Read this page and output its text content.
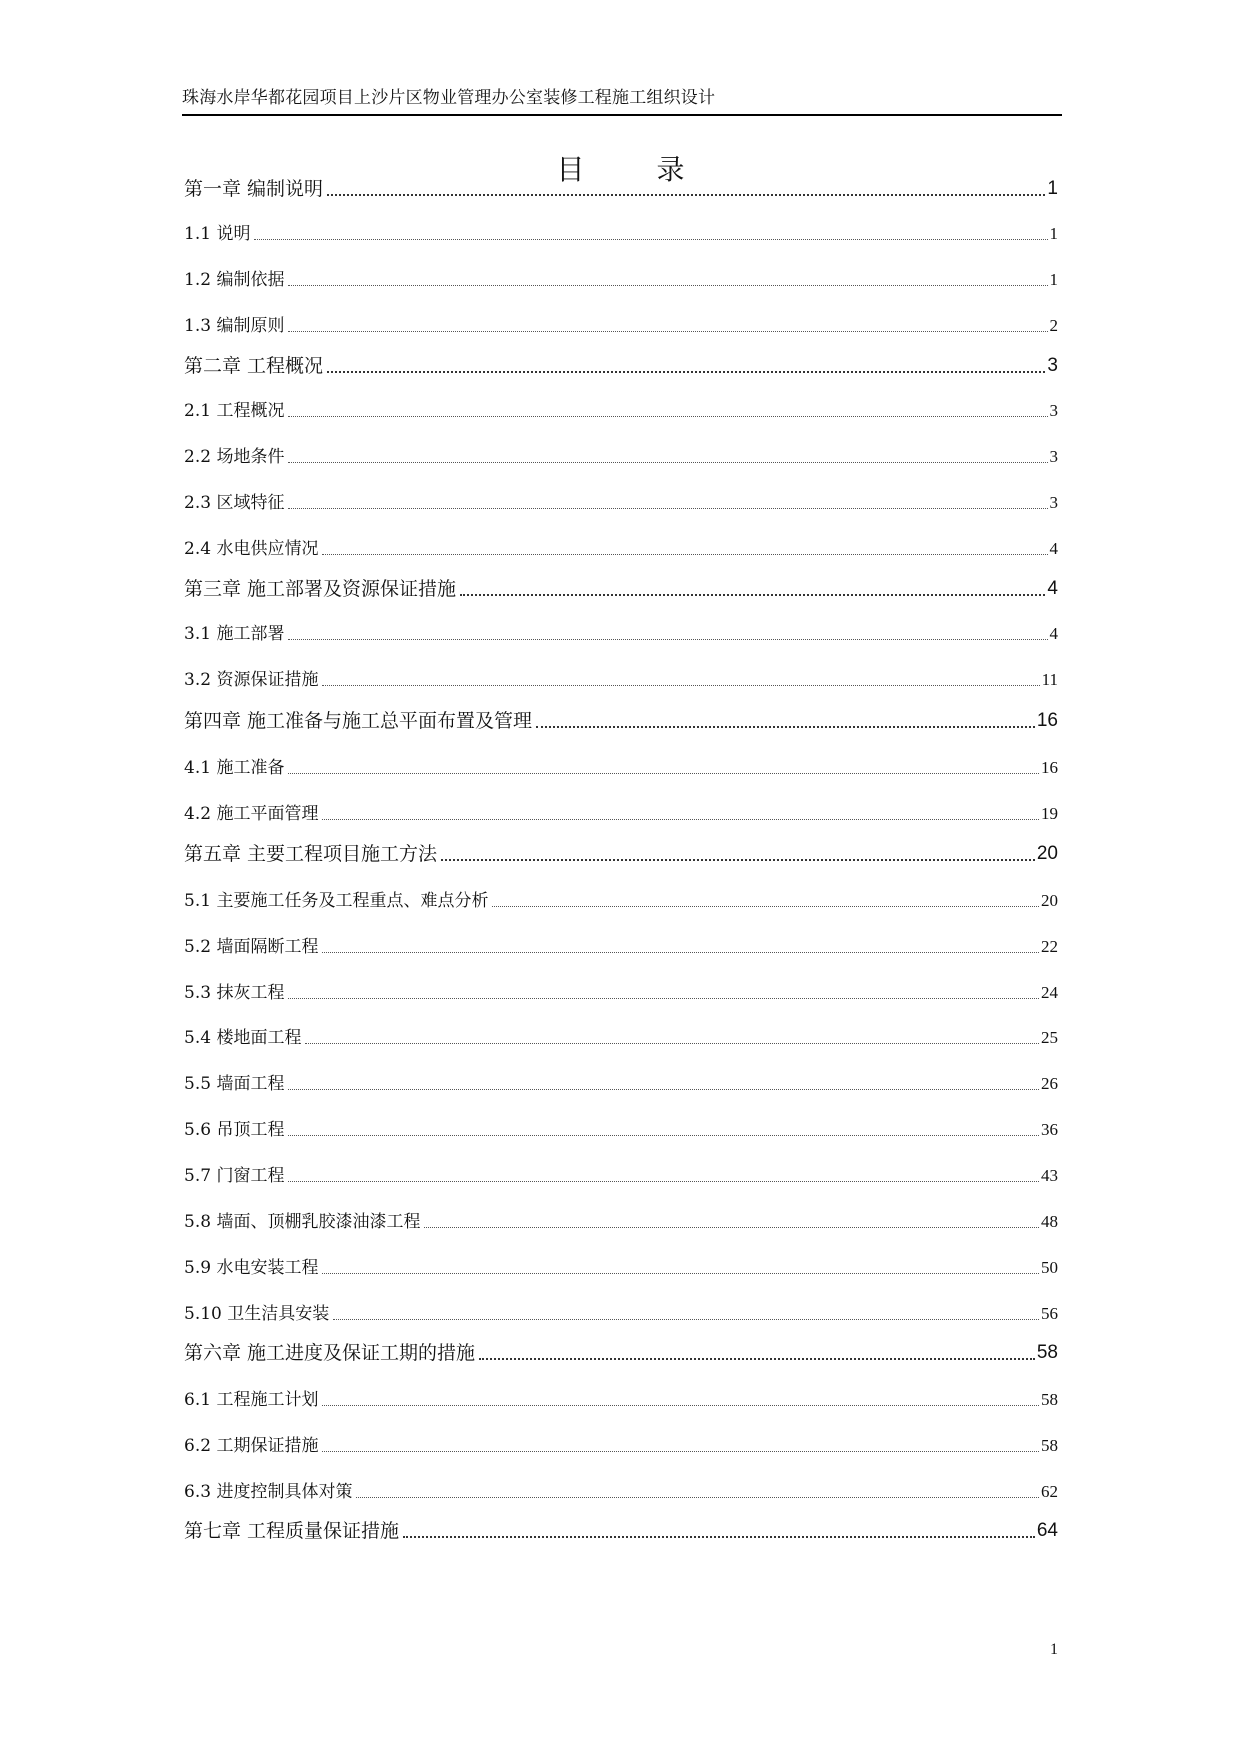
珠海水岸华都花园项目上沙片区物业管理办公室装修工程施工组织设计
目　录
第一章 编制说明	1
1.1 说明	1
1.2 编制依据	1
1.3 编制原则	2
第二章 工程概况	3
2.1 工程概况	3
2.2 场地条件	3
2.3 区域特征	3
2.4 水电供应情况	4
第三章 施工部署及资源保证措施	4
3.1 施工部署	4
3.2 资源保证措施	11
第四章 施工准备与施工总平面布置及管理	16
4.1 施工准备	16
4.2 施工平面管理	19
第五章 主要工程项目施工方法	20
5.1 主要施工任务及工程重点、难点分析	20
5.2 墙面隔断工程	22
5.3 抹灰工程	24
5.4 楼地面工程	25
5.5 墙面工程	26
5.6 吊顶工程	36
5.7 门窗工程	43
5.8 墙面、顶棚乳胶漆油漆工程	48
5.9 水电安装工程	50
5.10 卫生洁具安装	56
第六章 施工进度及保证工期的措施	58
6.1 工程施工计划	58
6.2 工期保证措施	58
6.3 进度控制具体对策	62
第七章 工程质量保证措施	64
1
